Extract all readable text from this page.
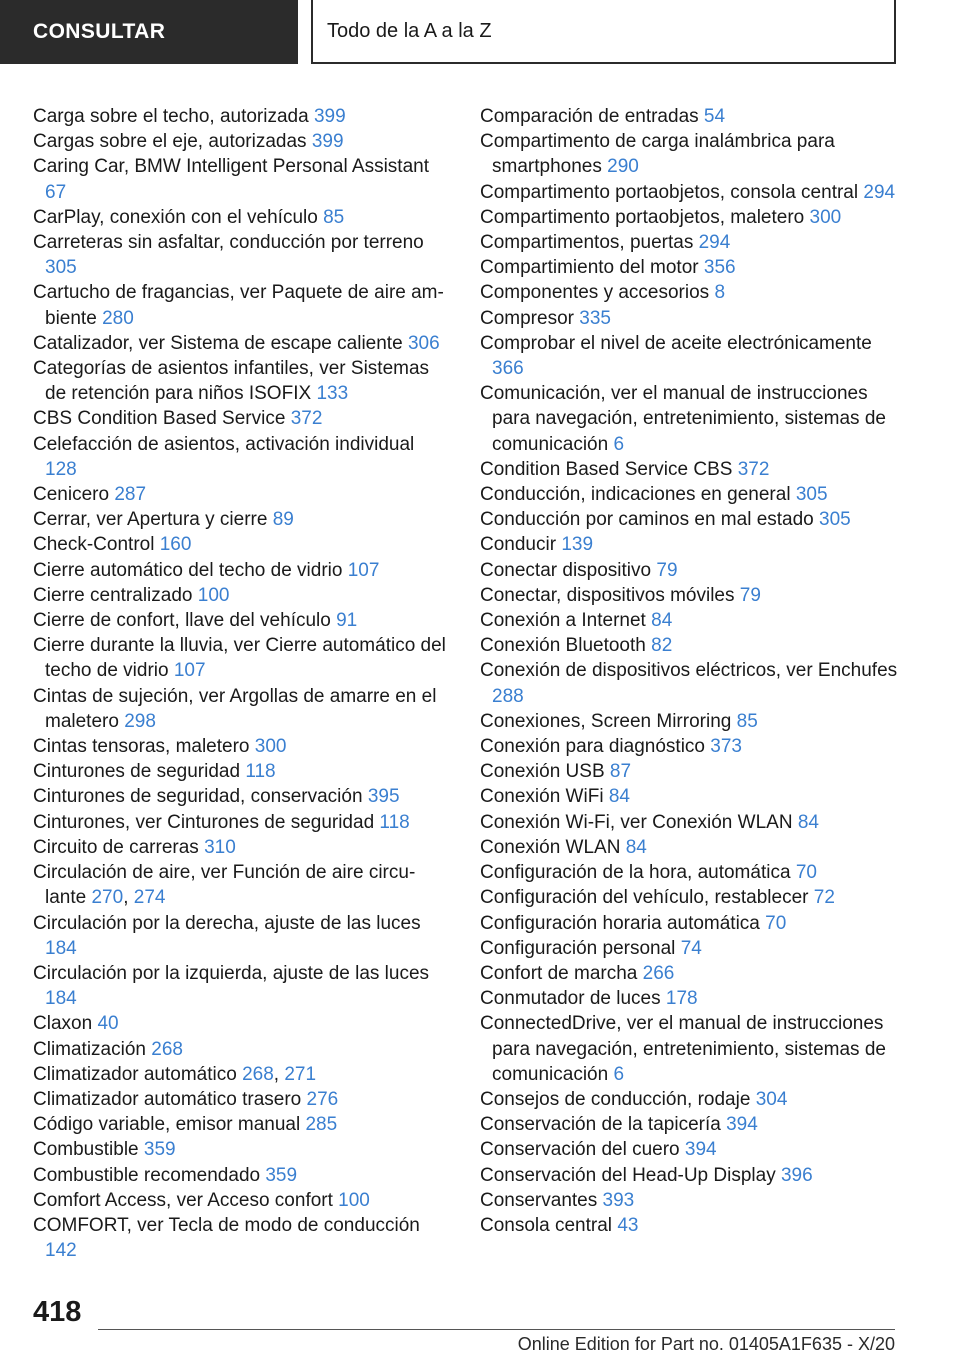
CONSULTAR	Todo de la A a la Z
Carga sobre el techo, autorizada 399
Cargas sobre el eje, autorizadas 399
Caring Car, BMW Intelligent Personal Assistant 67
CarPlay, conexión con el vehículo 85
Carreteras sin asfaltar, conducción por terreno 305
Cartucho de fragancias, ver Paquete de aire ambiente 280
Catalizador, ver Sistema de escape caliente 306
Categorías de asientos infantiles, ver Sistemas de retención para niños ISOFIX 133
CBS Condition Based Service 372
Celefacción de asientos, activación individual 128
Cenicero 287
Cerrar, ver Apertura y cierre 89
Check-Control 160
Cierre automático del techo de vidrio 107
Cierre centralizado 100
Cierre de confort, llave del vehículo 91
Cierre durante la lluvia, ver Cierre automático del techo de vidrio 107
Cintas de sujeción, ver Argollas de amarre en el maletero 298
Cintas tensoras, maletero 300
Cinturones de seguridad 118
Cinturones de seguridad, conservación 395
Cinturones, ver Cinturones de seguridad 118
Circuito de carreras 310
Circulación de aire, ver Función de aire circulante 270, 274
Circulación por la derecha, ajuste de las luces 184
Circulación por la izquierda, ajuste de las luces 184
Claxon 40
Climatización 268
Climatizador automático 268, 271
Climatizador automático trasero 276
Código variable, emisor manual 285
Combustible 359
Combustible recomendado 359
Comfort Access, ver Acceso confort 100
COMFORT, ver Tecla de modo de conducción 142
Comparación de entradas 54
Compartimento de carga inalámbrica para smartphones 290
Compartimento portaobjetos, consola central 294
Compartimento portaobjetos, maletero 300
Compartimentos, puertas 294
Compartimiento del motor 356
Componentes y accesorios 8
Compresor 335
Comprobar el nivel de aceite electrónicamente 366
Comunicación, ver el manual de instrucciones para navegación, entretenimiento, sistemas de comunicación 6
Condition Based Service CBS 372
Conducción, indicaciones en general 305
Conducción por caminos en mal estado 305
Conducir 139
Conectar dispositivo 79
Conectar, dispositivos móviles 79
Conexión a Internet 84
Conexión Bluetooth 82
Conexión de dispositivos eléctricos, ver Enchufes 288
Conexiones, Screen Mirroring 85
Conexión para diagnóstico 373
Conexión USB 87
Conexión WiFi 84
Conexión Wi-Fi, ver Conexión WLAN 84
Conexión WLAN 84
Configuración de la hora, automática 70
Configuración del vehículo, restablecer 72
Configuración horaria automática 70
Configuración personal 74
Confort de marcha 266
Conmutador de luces 178
ConnectedDrive, ver el manual de instrucciones para navegación, entretenimiento, sistemas de comunicación 6
Consejos de conducción, rodaje 304
Conservación de la tapicería 394
Conservación del cuero 394
Conservación del Head-Up Display 396
Conservantes 393
Consola central 43
418
Online Edition for Part no. 01405A1F635 - X/20
